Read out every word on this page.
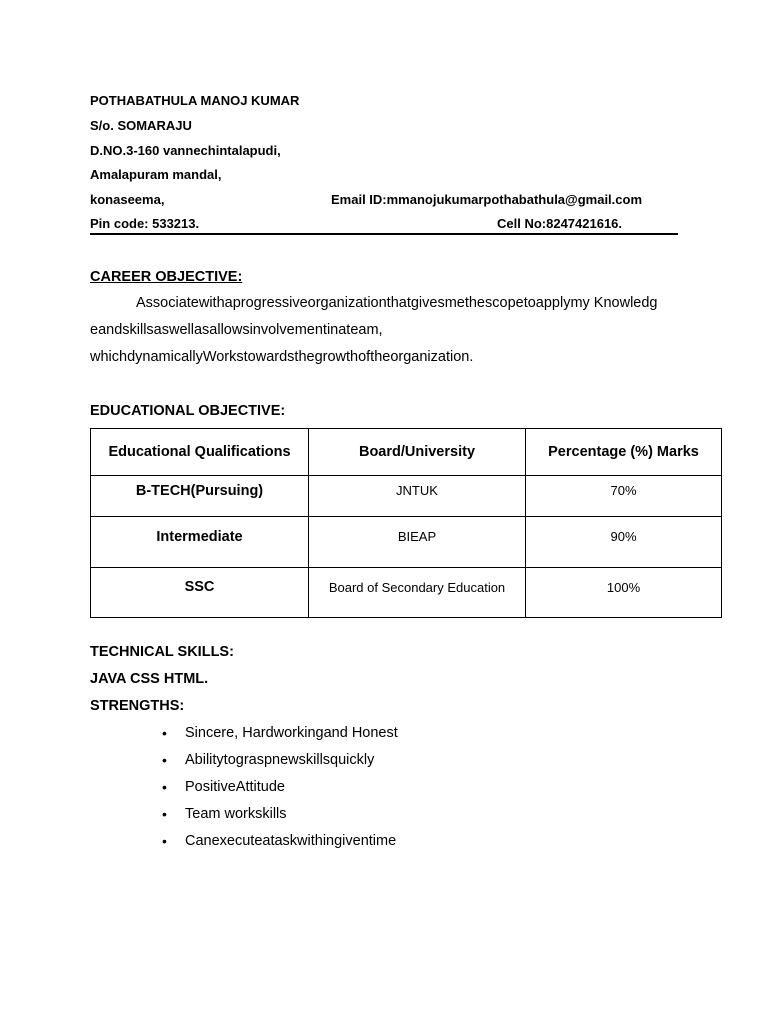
POTHABATHULA MANOJ KUMAR
S/o. SOMARAJU
D.NO.3-160 vannechintalapudi,
Amalapuram mandal,
konaseema,	Email ID:mmanojukumarpothabathula@gmail.com
Pin code: 533213.	Cell No:8247421616.
CAREER OBJECTIVE:
Associatewithaprogressiveorganizationthatgivesmethescopetoapplymy Knowledg
eandskillsaswellasallowsinvolvementinateam,
whichdynamicallyWorkstowardsthegrowthoftheorganization.
EDUCATIONAL OBJECTIVE:
Educational Qualifications	Board/University	Percentage (%) Marks

B-TECH(Pursuing)	JNTUK	70%

Intermediate	BIEAP	90%

SSC	Board of Secondary Education	100%
TECHNICAL SKILLS:
JAVA CSS HTML.
STRENGTHS:
• Sincere, Hardworkingand Honest
• Abilitytograspnewskillsquickly
• PositiveAttitude
• Team workskills
• Canexecuteataskwithingiventime
